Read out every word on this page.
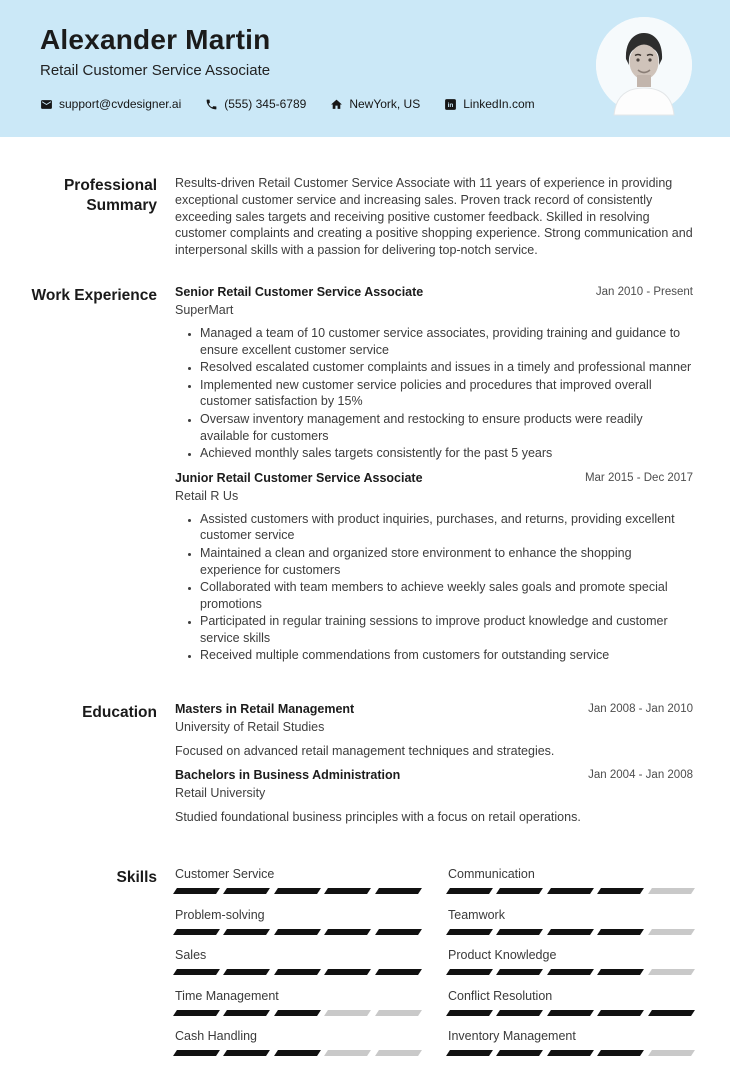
Alexander Martin
Retail Customer Service Associate
support@cvdesigner.ai	(555) 345-6789	NewYork, US in LinkedIn.com
Professional Summary
Results-driven Retail Customer Service Associate with 11 years of experience in providing exceptional customer service and increasing sales. Proven track record of consistently exceeding sales targets and receiving positive customer feedback. Skilled in resolving customer complaints and creating a positive shopping experience. Strong communication and interpersonal skills with a passion for delivering top-notch service.
Work Experience Senior Retail Customer Service Associate
SuperMart
Jan 2010 - Present
• Managed a team of 10 customer service associates, providing training and guidance to ensure excellent customer service
• Resolved escalated customer complaints and issues in a timely and professional manner
• Implemented new customer service policies and procedures that improved overall customer satisfaction by 15%
• Oversaw inventory management and restocking to ensure products were readily available for customers
• Achieved monthly sales targets consistently for the past 5 years
Junior Retail Customer Service Associate
Retail R Us
Mar 2015 - Dec 2017
• Assisted customers with product inquiries, purchases, and returns, providing excellent customer service
• Maintained a clean and organized store environment to enhance the shopping experience for customers
• Collaborated with team members to achieve weekly sales goals and promote special promotions
• Participated in regular training sessions to improve product knowledge and customer service skills
• Received multiple commendations from customers for outstanding service
Education Masters in Retail Management
University of Retail Studies
Jan 2008 - Jan 2010
Focused on advanced retail management techniques and strategies.
Bachelors in Business Administration
Retail University
Jan 2004 - Jan 2008
Studied foundational business principles with a focus on retail operations.
Skills Customer Service	Communication
Problem-solving	Teamwork
Sales	Product Knowledge
Time Management	Conflict Resolution
Cash Handling	Inventory Management
